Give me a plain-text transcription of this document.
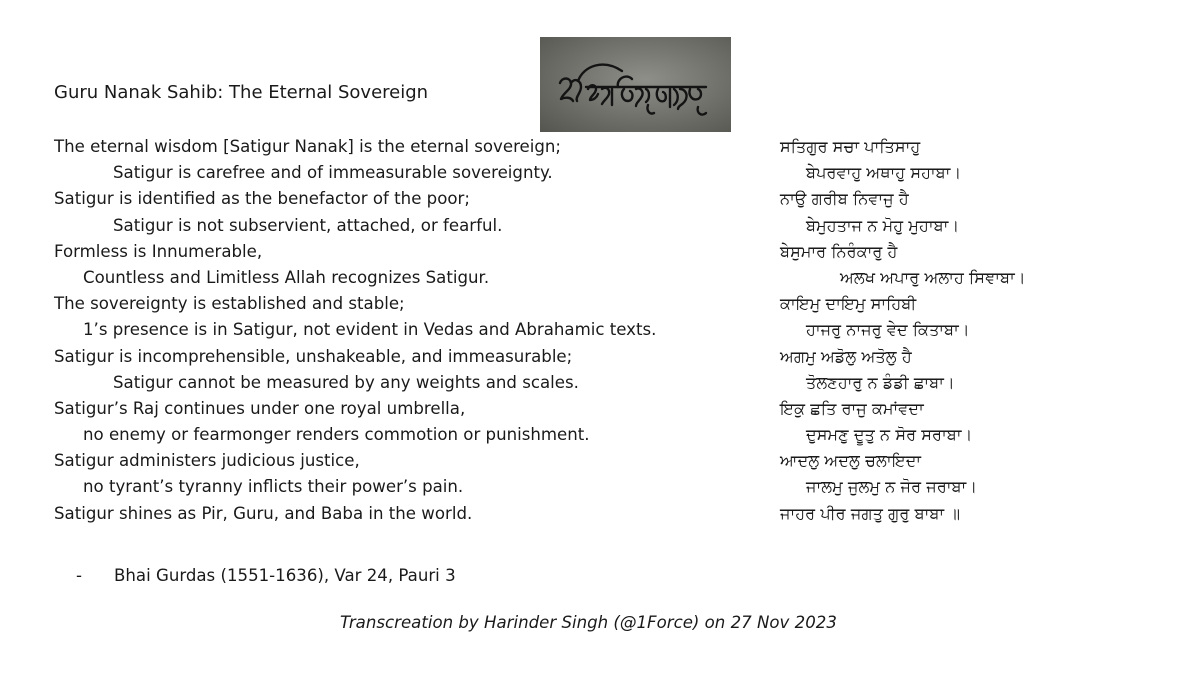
Guru Nanak Sahib: The Eternal Sovereign
The eternal wisdom [Satigur Nanak] is the eternal sovereign;
Satigur is carefree and of immeasurable sovereignty.
Satigur is identified as the benefactor of the poor;
Satigur is not subservient, attached, or fearful.
Formless is Innumerable,
Countless and Limitless Allah recognizes Satigur.
The sovereignty is established and stable;
1’s presence is in Satigur, not evident in Vedas and Abrahamic texts.
Satigur is incomprehensible, unshakeable, and immeasurable;
Satigur cannot be measured by any weights and scales.
Satigur’s Raj continues under one royal umbrella,
no enemy or fearmonger renders commotion or punishment.
Satigur administers judicious justice,
no tyrant’s tyranny inflicts their power’s pain.
Satigur shines as Pir, Guru, and Baba in the world.
- Bhai Gurdas (1551-1636), Var 24, Pauri 3
Transcreation by Harinder Singh (@1Force) on 27 Nov 2023
ਸਤਿਗੁਰ ਸਚਾ ਪਾਤਿਸਾਹੁ
ਬੇਪਰਵਾਹੁ ਅਥਾਹੁ ਸਹਾਬਾ।
ਨਾਉ ਗਰੀਬ ਨਿਵਾਜੁ ਹੈ
ਬੇਮੁਹਤਾਜ ਨ ਮੋਹੁ ਮੁਹਾਬਾ।
ਬੇਸੁਮਾਰ ਨਿਰੰਕਾਰੁ ਹੈ
ਅਲਖ ਅਪਾਰੁ ਅਲਾਹ ਸਿਞਾਬਾ।
ਕਾਇਮੁ ਦਾਇਮੁ ਸਾਹਿਬੀ
ਹਾਜਰੁ ਨਾਜਰੁ ਵੇਦ ਕਿਤਾਬਾ।
ਅਗਮੁ ਅਡੋਲੁ ਅਤੋਲੁ ਹੈ
ਤੋਲਣਹਾਰੁ ਨ ਡੰਡੀ ਛਾਬਾ।
ਇਕੁ ਛਤਿ ਰਾਜੁ ਕਮਾਂਵਦਾ
ਦੁਸਮਣੁ ਦੂਤੁ ਨ ਸੋਰ ਸਰਾਬਾ।
ਆਦਲੁ ਅਦਲੁ ਚਲਾਇਦਾ
ਜਾਲਮੁ ਜੁਲਮੁ ਨ ਜੋਰ ਜਰਾਬਾ।
ਜਾਹਰ ਪੀਰ ਜਗਤੁ ਗੁਰੁ ਬਾਬਾ ॥
